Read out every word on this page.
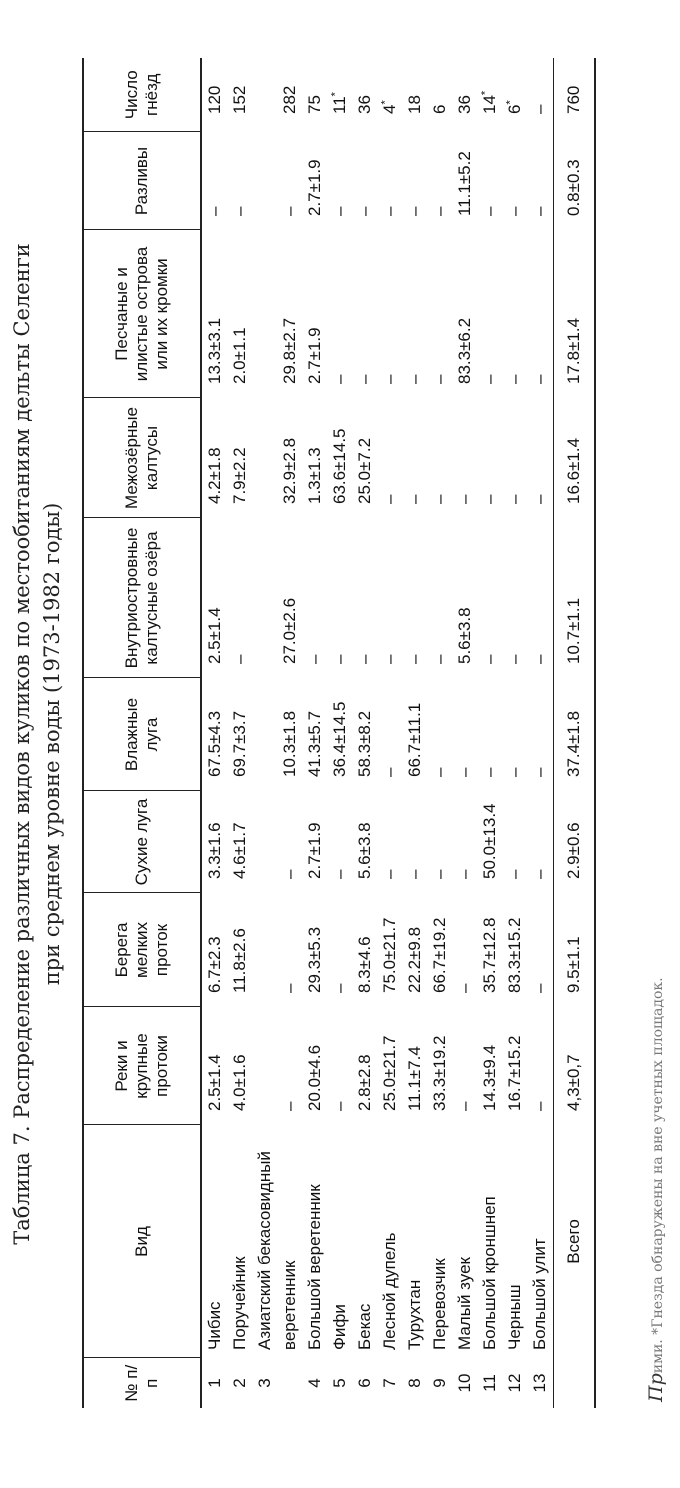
Таблица 7. Распределение различных видов куликов по местообитаниям дельты Селенги при среднем уровне воды (1973-1982 годы)
№ п/п	Вид	Реки и крупные протоки	Берега мелких проток	Сухие луга	Влажные луга	Внутриостровные калтусные озёра	Межозёрные калтусы	Песчаные и илистые острова или их кромки	Разливы	Число гнёзд
1	Чибис	2.5±1.4	6.7±2.3	3.3±1.6	67.5±4.3	2.5±1.4	4.2±1.8	13.3±3.1	–	120
2	Поручейник	4.0±1.6	11.8±2.6	4.6±1.7	69.7±3.7	–	7.9±2.2	2.0±1.1	–	152
3	Азиатский бекасовидный									
	веретенник	–	–	–	10.3±1.8	27.0±2.6	32.9±2.8	29.8±2.7	–	282
4	Большой веретенник	20.0±4.6	29.3±5.3	2.7±1.9	41.3±5.7	–	1.3±1.3	2.7±1.9	2.7±1.9	75
5	Фифи	–	–	–	36.4±14.5	–	63.6±14.5	–	–	11*
6	Бекас	2.8±2.8	8.3±4.6	5.6±3.8	58.3±8.2	–	25.0±7.2	–	–	36
7	Лесной дупель	25.0±21.7	75.0±21.7	–	–	–	–	–	–	4*
8	Турухтан	11.1±7.4	22.2±9.8	–	66.7±11.1	–	–	–	–	18
9	Перевозчик	33.3±19.2	66.7±19.2	–	–	–	–	–	–	6
10	Малый зуек	–	–	–	–	5.6±3.8	–	83.3±6.2	11.1±5.2	36
11	Большой кроншнеп	14.3±9.4	35.7±12.8	50.0±13.4	–	–	–	–	–	14*
12	Черныш	16.7±15.2	83.3±15.2	–	–	–	–	–	–	6*
13	Большой улит	–	–	–	–	–	–	–	–	–
	Всего	4,3±0,7	9.5±1.1	2.9±0.6	37.4±1.8	10.7±1.1	16.6±1.4	17.8±1.4	0.8±0.3	760
Прими. *Гнезда обнаружены на вне учетных площадок.
